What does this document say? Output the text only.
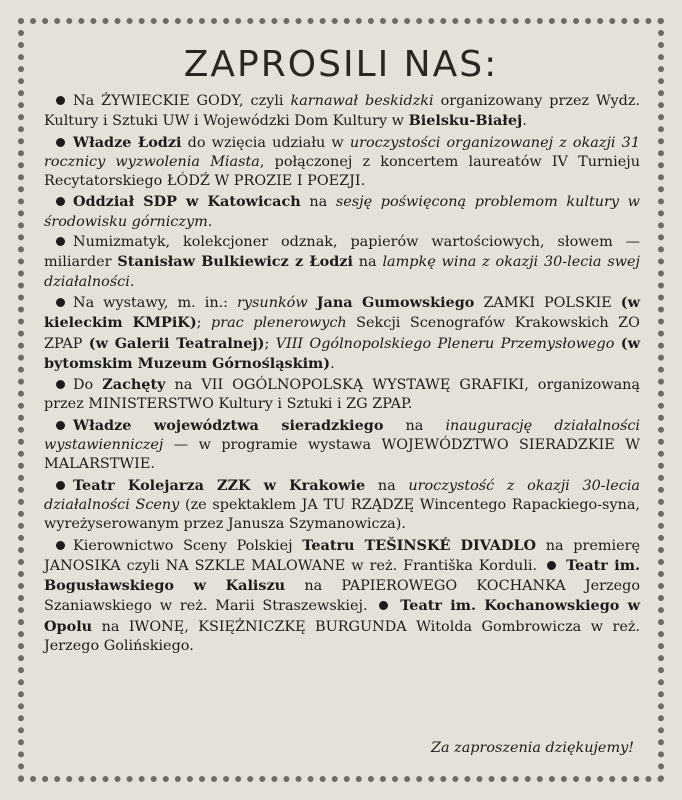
ZAPROSILI NAS:

Na ŻYWIECKIE GODY, czyli karnawał beskidzki organizowany przez Wydz. Kultury i Sztuki UW i Wojewódzki Dom Kultury w Bielsku-Białej.

Władze Łodzi do wzięcia udziału w uroczystości organizowanej z okazji 31 rocznicy wyzwolenia Miasta, połączonej z koncertem laureatów IV Turnieju Recytatorskiego ŁÓDŹ W PROZIE I POEZJI.

Oddział SDP w Katowicach na sesję poświęconą problemom kultury w środowisku górniczym.

Numizmatyk, kolekcjoner odznak, papierów wartościowych, słowem — miliarder Stanisław Bulkiewicz z Łodzi na lampkę wina z okazji 30-lecia swej działalności.

Na wystawy, m. in.: rysunków Jana Gumowskiego ZAMKI POLSKIE (w kieleckim KMPiK); prac plenerowych Sekcji Scenografów Krakowskich ZO ZPAP (w Galerii Teatralnej); VIII Ogólnopolskiego Pleneru Przemysłowego (w bytomskim Muzeum Górnośląskim).

Do Zachęty na VII OGÓLNOPOLSKĄ WYSTAWĘ GRAFIKI, organizowaną przez MINISTERSTWO Kultury i Sztuki i ZG ZPAP.

Władze województwa sieradzkiego na inaugurację działalności wystawienniczej — w programie wystawa WOJEWÓDZTWO SIERADZKIE W MALARSTWIE.

Teatr Kolejarza ZZK w Krakowie na uroczystość z okazji 30-lecia działalności Sceny (ze spektaklem JA TU RZĄDZĘ Wincentego Rapackiego-syna, wyreżyserowanym przez Janusza Szymanowicza).

Kierownictwo Sceny Polskiej Teatru TEŠINSKÉ DIVADLO na premierę JANOSIKA czyli NA SZKLE MALOWANE w reż. Františka Korduli.  Teatr im. Bogusławskiego w Kaliszu na PAPIEROWEGO KOCHANKA Jerzego Szaniawskiego w reż. Marii Straszewskiej.  Teatr im. Kochanowskiego w Opolu na IWONĘ, KSIĘŻNICZKĘ BURGUNDA Witolda Gombrowicza w reż. Jerzego Golińskiego.

Za zaproszenia dziękujemy!
